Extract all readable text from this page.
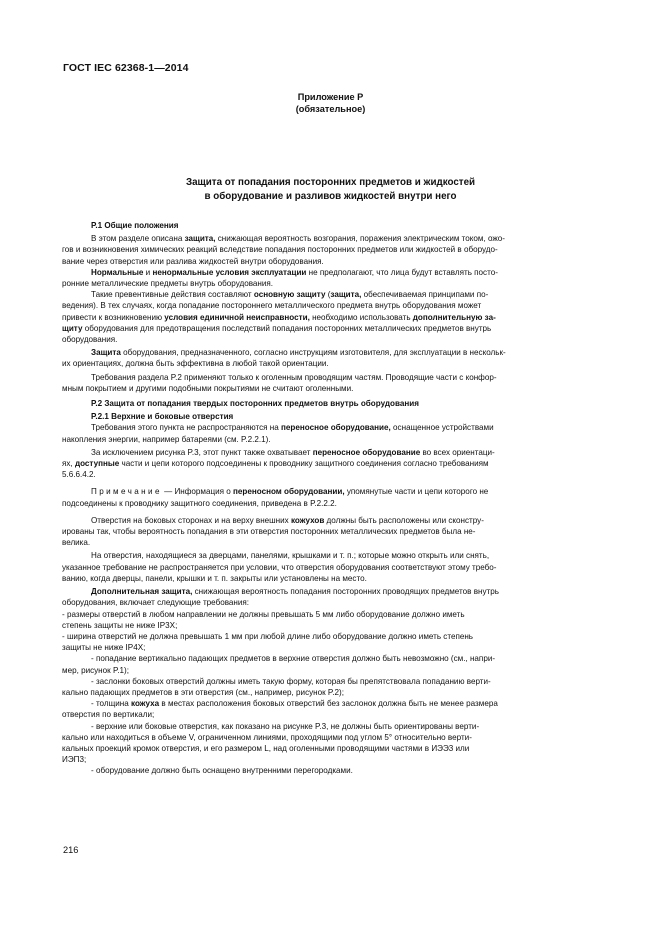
ГОСТ IEC 62368-1—2014
Приложение P
(обязательное)
Защита от попадания посторонних предметов и жидкостей
в оборудование и разливов жидкостей внутри него

P.1 Общие положения

В этом разделе описана защита, снижающая вероятность возгорания, поражения электрическим током, ожо-
гов и возникновения химических реакций вследствие попадания посторонних предметов или жидкостей в оборудо-
вание через отверстия или разлива жидкостей внутри оборудования.

Нормальные и ненормальные условия эксплуатации не предполагают, что лица будут вставлять посто-
ронние металлические предметы внутрь оборудования.

Такие превентивные действия составляют основную защиту (защита, обеспечиваемая принципами по-
ведения). В тех случаях, когда попадание постороннего металлического предмета внутрь оборудования может
привести к возникновению условия единичной неисправности, необходимо использовать дополнительную за-
щиту оборудования для предотвращения последствий попадания посторонних металлических предметов внутрь
оборудования.

Защита оборудования, предназначенного, согласно инструкциям изготовителя, для эксплуатации в нескольк-
их ориентациях, должна быть эффективна в любой такой ориентации.

Требования раздела P.2 применяют только к оголенным проводящим частям. Проводящие части с конфор-
мным покрытием и другими подобными покрытиями не считают оголенными.

P.2 Защита от попадания твердых посторонних предметов внутрь оборудования

P.2.1 Верхние и боковые отверстия

Требования этого пункта не распространяются на переносное оборудование, оснащенное устройствами
накопления энергии, например батареями (см. P.2.2.1).

За исключением рисунка P.3, этот пункт также охватывает переносное оборудование во всех ориентаци-
ях, доступные части и цепи которого подсоединены к проводнику защитного соединения согласно требованиям
5.6.6.4.2.

Примечание — Информация о переносном оборудовании, упомянутые части и цепи которого не
подсоединены к проводнику защитного соединения, приведена в P.2.2.2.

Отверстия на боковых сторонах и на верху внешних кожухов должны быть расположены или сконстру-
ированы так, чтобы вероятность попадания в эти отверстия посторонних металлических предметов была не-
велика.

На отверстия, находящиеся за дверцами, панелями, крышками и т. п.; которые можно открыть или снять,
указанное требование не распространяется при условии, что отверстия оборудования соответствуют этому требо-
ванию, когда дверцы, панели, крышки и т. п. закрыты или установлены на место.

Дополнительная защита, снижающая вероятность попадания посторонних проводящих предметов внутрь
оборудования, включает следующие требования:

- размеры отверстий в любом направлении не должны превышать 5 мм либо оборудование должно иметь
степень защиты не ниже IP3X;

- ширина отверстий не должна превышать 1 мм при любой длине либо оборудование должно иметь степень
защиты не ниже IP4X;

- попадание вертикально падающих предметов в верхние отверстия должно быть невозможно (см., напри-
мер, рисунок P.1);

- заслонки боковых отверстий должны иметь такую форму, которая бы препятствовала попаданию верти-
кально падающих предметов в эти отверстия (см., например, рисунок P.2);

- толщина кожуха в местах расположения боковых отверстий без заслонок должна быть не менее размера
отверстия по вертикали;

- верхние или боковые отверстия, как показано на рисунке P.3, не должны быть ориентированы верти-
кально или находиться в объеме V, ограниченном линиями, проходящими под углом 5° относительно верти-
кальных проекций кромок отверстия, и его размером L, над оголенными проводящими частями в ИЭЭ3 или
ИЭП3;

- оборудование должно быть оснащено внутренними перегородками.

216
